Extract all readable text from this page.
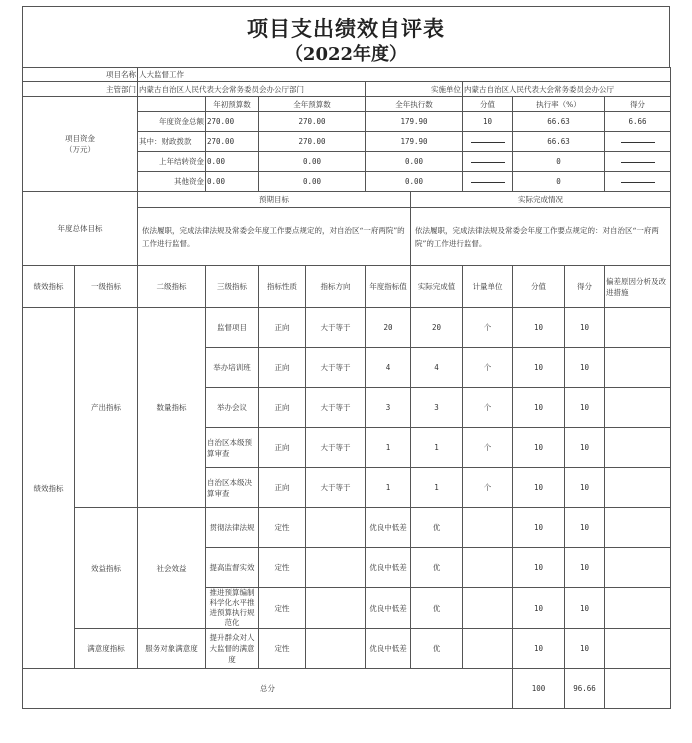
项目支出绩效自评表
（2022年度）
项目名称		人大监督工作									
主管部门		内蒙古自治区人民代表大会常务委员会办公厅部门				实施单位		内蒙古自治区人民代表大会常务委员会办公厅			

项目资金
（万元）			年初预算数	全年预算数		全年执行数		分值	执行率（%）		得分
		年度资金总额	270.00	270.00		179.90		10	66.63		6.66
		其中：财政拨款	270.00	270.00		179.90			66.63		
		上年结转资金	0.00	0.00		0.00			0		
		其他资金	0.00	0.00		0.00			0		
年度总体目标		预期目标					实际完成情况				
		依法履职，完成法律法规及常委会年度工作要点规定的，对自治区“一府两院”的工作进行监督。					依法履职，完成法律法规及常委会年度工作要点规定的：对自治区“一府两院”的工作进行监督。				
绩效指标	一级指标	二级指标	三级指标	指标性质	指标方向	年度指标值	实际完成值	计量单位	分值	得分	偏差原因分析及改进措施
绩效指标	产出指标	数量指标	监督项目	正向	大于等于	20	20	个	10	10	
			举办培训班	正向	大于等于	4	4	个	10	10	
			举办会议	正向	大于等于	3	3	个	10	10	
			自治区本级预算审查	正向	大于等于	1	1	个	10	10	
			自治区本级决算审查	正向	大于等于	1	1	个	10	10	
	效益指标	社会效益	贯彻法律法规	定性		优良中低差	优		10	10	
			提高监督实效	定性		优良中低差	优		10	10	
			推进预算编制科学化水平推进预算执行规范化	定性		优良中低差	优		10	10	
	满意度指标	服务对象满意度	提升群众对人大监督的满意度	定性		优良中低差	优		10	10	
总分									100	96.66	
